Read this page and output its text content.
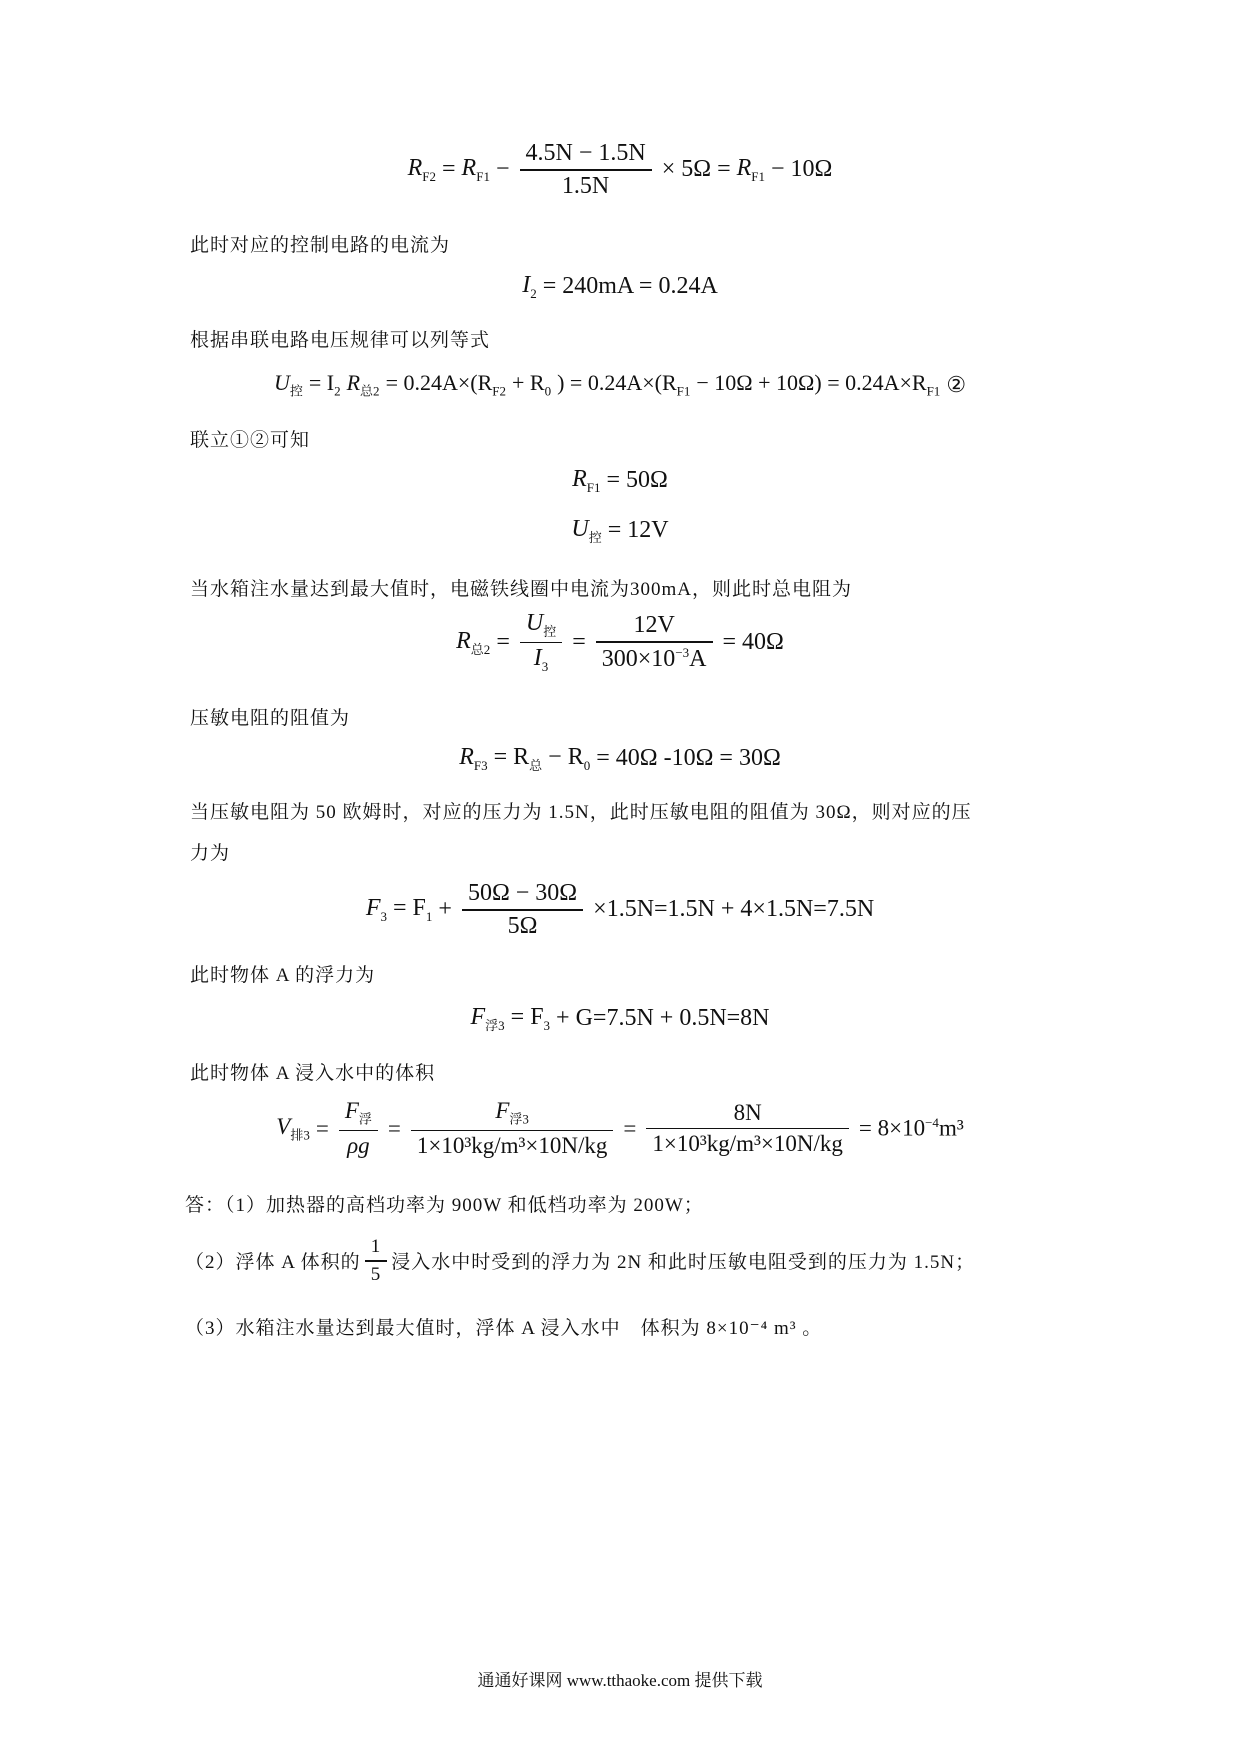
$R_{F2} = R_{F1} - \frac{4.5N - 1.5N}{1.5N} \times 5\Omega = R_{F1} - 10\Omega$
此时对应的控制电路的电流为
$I_2 = 240mA = 0.24A$
根据串联电路电压规律可以列等式
$U_控 = I_2$ $R_{总2} = 0.24A\times(R_{F2} + R_0$ ) = $0.24A\times(R_{F1} - 10\Omega + 10\Omega) = 0.24A\times R_{F1}$ ②
联立①②可知
$R_{F1} = 50\Omega$
$U_控 = 12V$
当水箱注水量达到最大值时，电磁铁线圈中电流为300mA，则此时总电阻为
$R_{总2} = \frac{U_控}{I_3} = \frac{12V}{300\times 10^{-3}A} = 40\Omega$
压敏电阻的阻值为
$R_{F3} = R_总 - R_0 = 40\Omega$ -10Ω = 30Ω
当压敏电阻为 50 欧姆时，对应的压力为 1.5N，此时压敏电阻的阻值为 30Ω，则对应的压
力为
$F_3 = F_1 + \frac{50\Omega - 30\Omega}{5\Omega} \times 1.5N=1.5N + 4\times 1.5N=7.5N$
此时物体 A 的浮力为
$F_{浮3} = F_3 + G=7.5N + 0.5N=8N$
此时物体 A 浸入水中的体积
$V_{排3} = \frac{F_浮}{\rho g} = \frac{F_{浮3}}{\text{1×10³kg/m³×10N/kg}} = \frac{8N}{\text{1×10³kg/m³×10N/kg}} = 8\times 10^{-4}m^3$
答：（1）加热器的高档功率为 900W 和低档功率为 200W；
（2）浮体 A 体积的 $\frac{1}{5}$ 浸入水中时受到的浮力为 2N 和此时压敏电阻受到的压力为 1.5N；
（3）水箱注水量达到最大值时，浮体 A 浸入水中　体积为 8×10⁻⁴ m³ 。
通通好课网 www.tthaoke.com 提供下载
